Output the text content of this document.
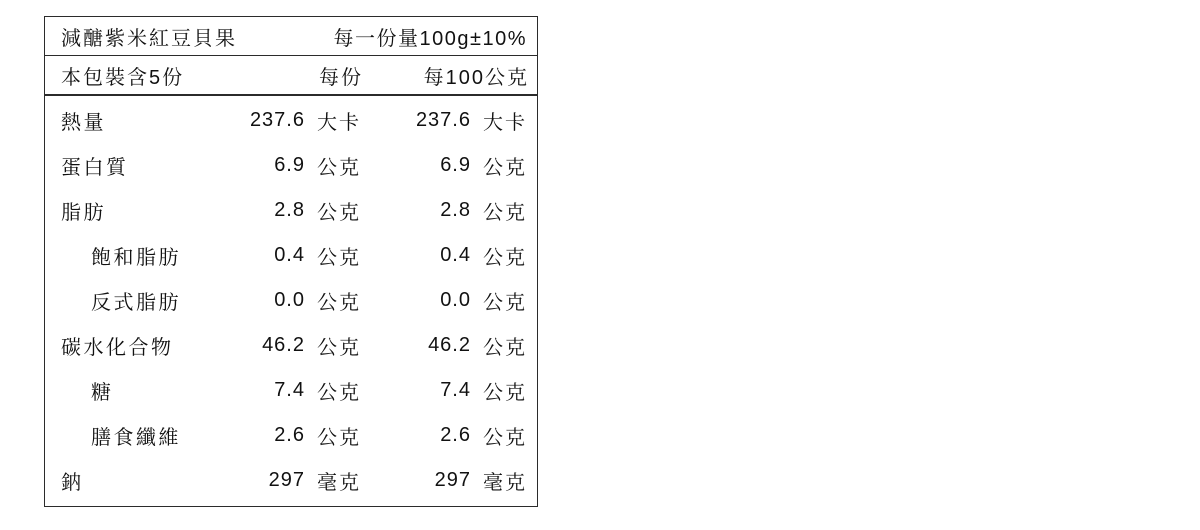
減醣紫米紅豆貝果	每一份量100g±10%
本包裝含5份	每份	每100公克
熱量	237.6 大卡	237.6 大卡
蛋白質	6.9 公克	6.9 公克
脂肪	2.8 公克	2.8 公克
飽和脂肪	0.4 公克	0.4 公克
反式脂肪	0.0 公克	0.0 公克
碳水化合物	46.2 公克	46.2 公克
糖	7.4 公克	7.4 公克
膳食纖維	2.6 公克	2.6 公克
鈉	297 毫克	297 毫克
